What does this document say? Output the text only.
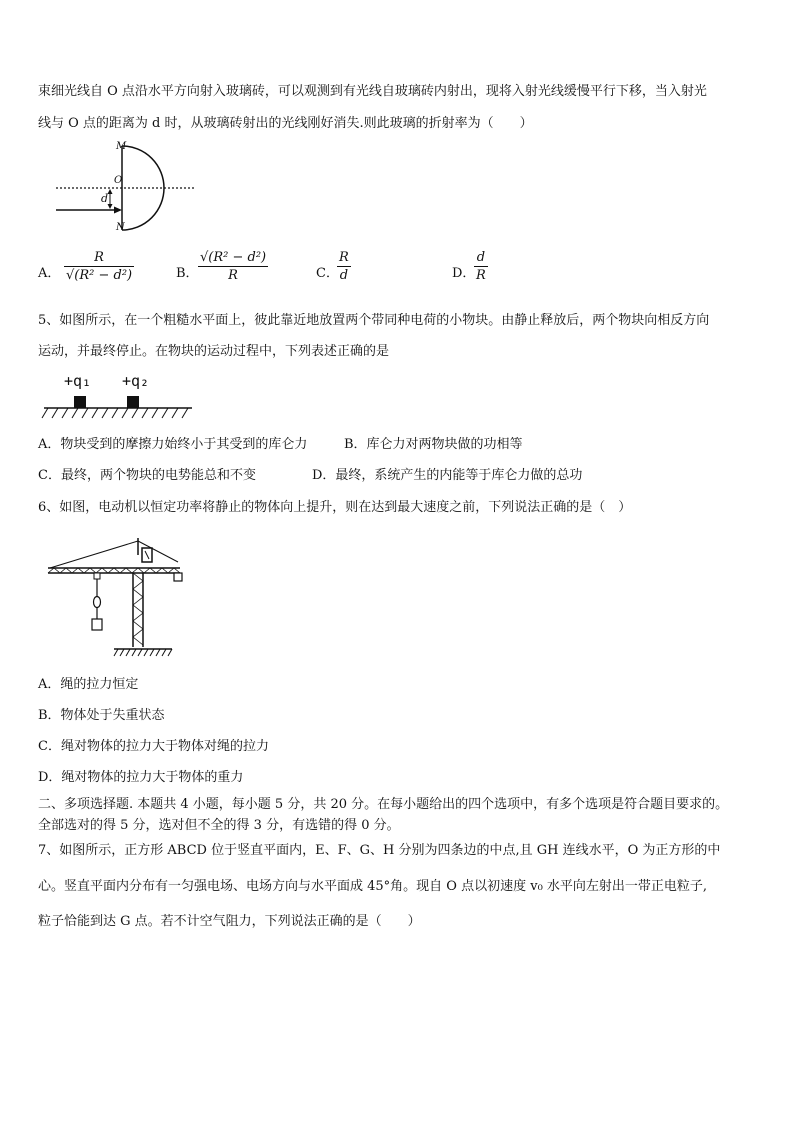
束细光线自 O 点沿水平方向射入玻璃砖，可以观测到有光线自玻璃砖内射出，现将入射光线缓慢平行下移，当入射光
线与 O 点的距离为 d 时，从玻璃砖射出的光线刚好消失.则此玻璃的折射率为（　　）
M
O
d
N
A． $\frac{R}{\text{√(R² − d²)}}$	B． $\frac{\text{√(R² − d²)}}{R}$	C．
$\frac{R}{d}$	D．
$\frac{d}{R}$
5、如图所示，在一个粗糙水平面上，彼此靠近地放置两个带同种电荷的小物块。由静止释放后，两个物块向相反方向
运动，并最终停止。在物块的运动过程中，下列表述正确的是
+q₁ +q₂
A．物块受到的摩擦力始终小于其受到的库仑力	B．库仑力对两物块做的功相等
C．最终，两个物块的电势能总和不变	D．最终，系统产生的内能等于库仑力做的总功
6、如图，电动机以恒定功率将静止的物体向上提升，则在达到最大速度之前，下列说法正确的是（　）
A．绳的拉力恒定
B．物体处于失重状态
C．绳对物体的拉力大于物体对绳的拉力
D．绳对物体的拉力大于物体的重力
二、多项选择题. 本题共 4 小题，每小题 5 分，共 20 分。在每小题给出的四个选项中，有多个选项是符合题目要求的。
全部选对的得 5 分，选对但不全的得 3 分，有选错的得 0 分。
7、如图所示，正方形 ABCD 位于竖直平面内，E、F、G、H 分别为四条边的中点,且 GH 连线水平，O 为正方形的中
心。竖直平面内分布有一匀强电场、电场方向与水平面成 45°角。现自 O 点以初速度 v₀ 水平向左射出一带正电粒子,
粒子恰能到达 G 点。若不计空气阻力，下列说法正确的是（　　）
